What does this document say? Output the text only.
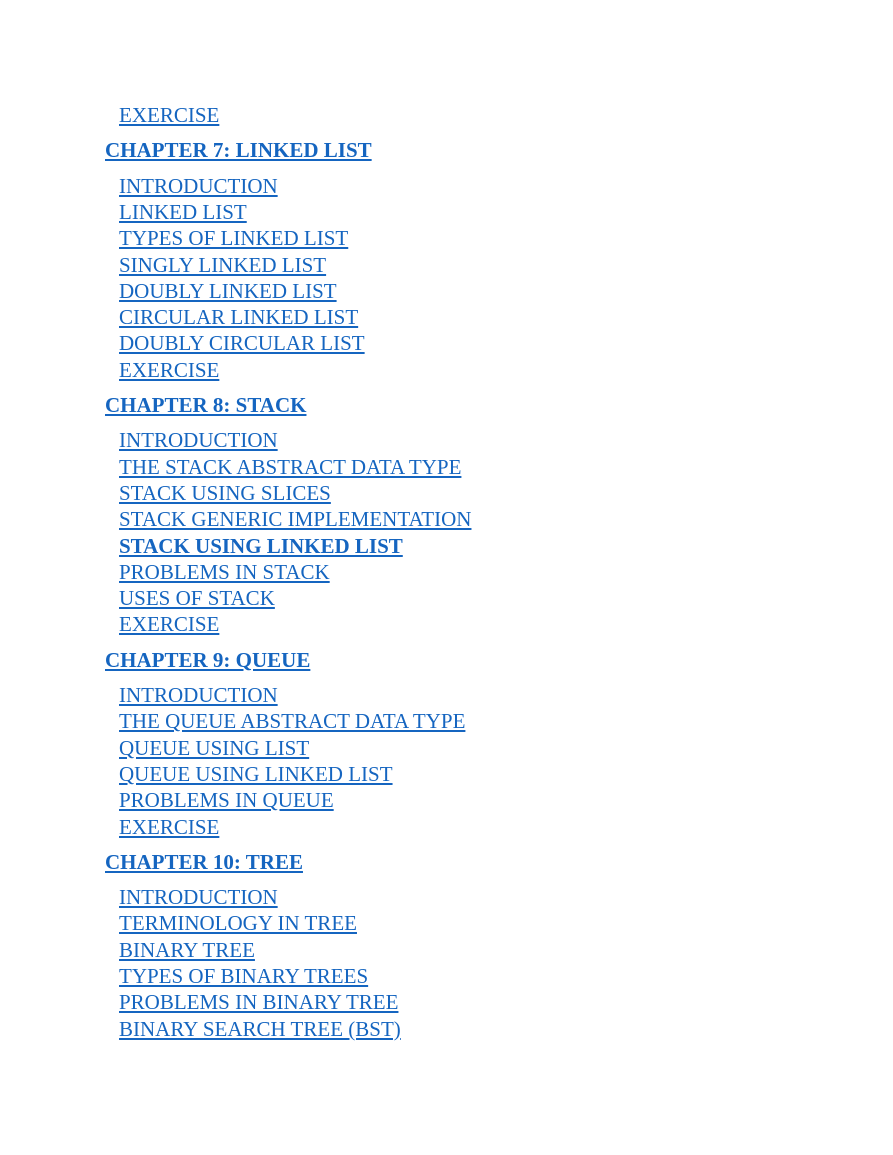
EXERCISE
CHAPTER 7: LINKED LIST
INTRODUCTION
LINKED LIST
TYPES OF LINKED LIST
SINGLY LINKED LIST
DOUBLY LINKED LIST
CIRCULAR LINKED LIST
DOUBLY CIRCULAR LIST
EXERCISE
CHAPTER 8: STACK
INTRODUCTION
THE STACK ABSTRACT DATA TYPE
STACK USING SLICES
STACK GENERIC IMPLEMENTATION
STACK USING LINKED LIST
PROBLEMS IN STACK
USES OF STACK
EXERCISE
CHAPTER 9: QUEUE
INTRODUCTION
THE QUEUE ABSTRACT DATA TYPE
QUEUE USING LIST
QUEUE USING LINKED LIST
PROBLEMS IN QUEUE
EXERCISE
CHAPTER 10: TREE
INTRODUCTION
TERMINOLOGY IN TREE
BINARY TREE
TYPES OF BINARY TREES
PROBLEMS IN BINARY TREE
BINARY SEARCH TREE (BST)
